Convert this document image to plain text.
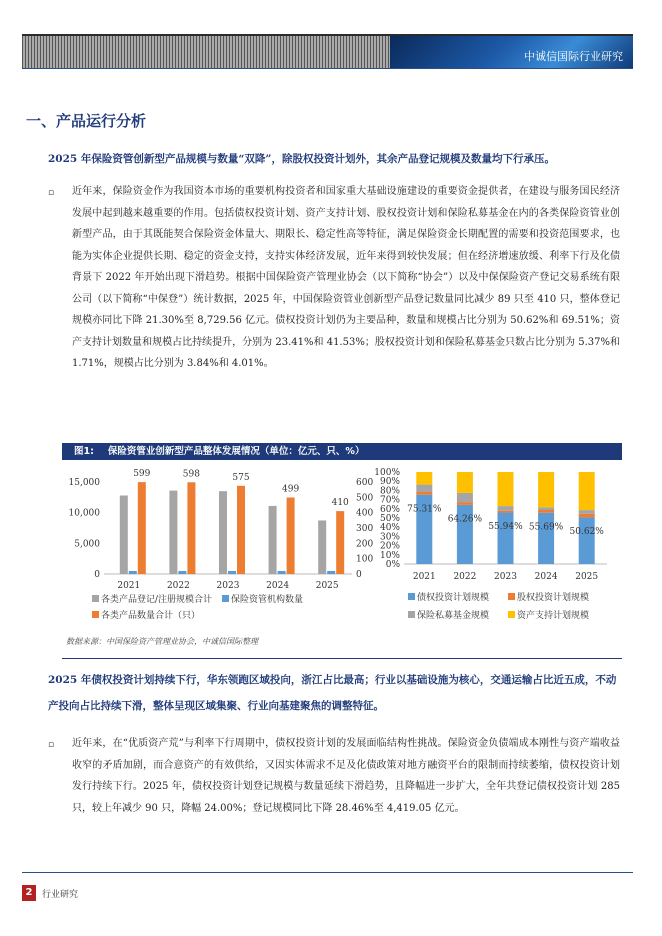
中诚信国际行业研究
一、产品运行分析
2025 年保险资管创新型产品规模与数量“双降”，除股权投资计划外，其余产品登记规模及数量均下行承压。
▫ 近年来，保险资金作为我国资本市场的重要机构投资者和国家重大基础设施建设的重要资金提供者，在建设与服务国民经济发展中起到越来越重要的作用。包括债权投资计划、资产支持计划、股权投资计划和保险私募基金在内的各类保险资管业创新型产品，由于其既能契合保险资金体量大、期限长、稳定性高等特征，满足保险资金长期配置的需要和投资范围要求，也能为实体企业提供长期、稳定的资金支持，支持实体经济发展，近年来得到较快发展；但在经济增速放缓、利率下行及化债背景下 2022 年开始出现下滑趋势。根据中国保险资产管理业协会（以下简称“协会”）以及中保保险资产登记交易系统有限公司（以下简称“中保登”）统计数据，2025 年，中国保险资管业创新型产品登记数量同比减少 89 只至 410 只，整体登记规模亦同比下降 21.30%至 8,729.56 亿元。债权投资计划仍为主要品种，数量和规模占比分别为 50.62%和 69.51%；资产支持计划数量和规模占比持续提升，分别为 23.41%和 41.53%；股权投资计划和保险私募基金只数占比分别为 5.37%和 1.71%，规模占比分别为 3.84%和 4.01%。
图1: 保险资管业创新型产品整体发展情况（单位：亿元、只、%）
0
5,000
10,000
15,000
0
100
200
300
400
500
600
599
2021
598
2022
575
2023
499
2024
410
2025
各类产品登记/注册规模合计 保险资管机构数量
各类产品数量合计（只）
0%
10%
20%
30%
40%
50%
60%
70%
80%
90%
100%
75.31%
2021
64.26%
2022
55.94%
2023
55.69%
2024
50.62%
2025
债权投资计划规模	股权投资计划规模
保险私募基金规模	资产支持计划规模
数据来源：中国保险资产管理业协会，中诚信国际整理
2025 年债权投资计划持续下行，华东领跑区域投向，浙江占比最高；行业以基础设施为核心，交通运输占比近五成，不动产投向占比持续下滑，整体呈现区域集聚、行业向基建聚焦的调整特征。
▫ 近年来，在“优质资产荒”与利率下行周期中，债权投资计划的发展面临结构性挑战。保险资金负债端成本刚性与资产端收益收窄的矛盾加剧，而合意资产的有效供给，又因实体需求不足及化债政策对地方融资平台的限制而持续萎缩，债权投资计划发行持续下行。2025 年，债权投资计划登记规模与数量延续下滑趋势，且降幅进一步扩大，全年共登记债权投资计划 285 只，较上年减少 90 只，降幅 24.00%；登记规模同比下降 28.46%至 4,419.05 亿元。
2	行业研究
